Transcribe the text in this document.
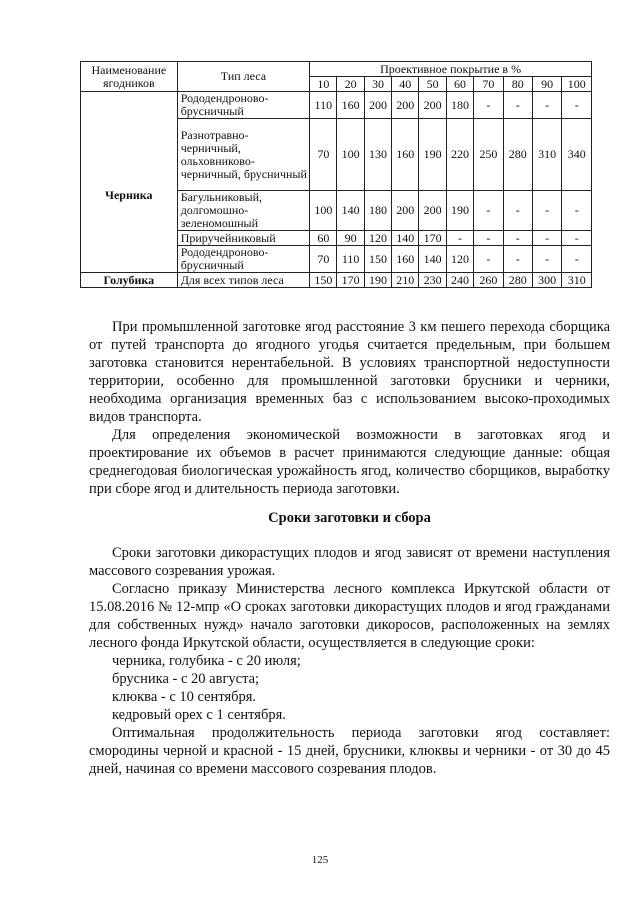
Наименование ягодников	Тип леса	Проективное покрытие в %									
		10	20	30	40	50	60	70	80	90	100
	Рододендроново-брусничный	110	160	200	200	200	180	-	-	-	-
Черника	Разнотравно-черничный, ольховниково-черничный, брусничный	70	100	130	160	190	220	250	280	310	340
	Багульниковый, долгомошно-зеленомошный	100	140	180	200	200	190	-	-	-	-
	Приручейниковый	60	90	120	140	170	-	-	-	-	-
	Рододендроново-брусничный	70	110	150	160	140	120	-	-	-	-
Голубика	Для всех типов леса	150	170	190	210	230	240	260	280	300	310

При промышленной заготовке ягод расстояние 3 км пешего перехода сборщика от путей транспорта до ягодного угодья считается предельным, при большем заготовка становится нерентабельной. В условиях транспортной недоступности территории, особенно для промышленной заготовки брусники и черники, необходима организация временных баз с использованием высоко-проходимых видов транспорта.

Для определения экономической возможности в заготовках ягод и проектирование их объемов в расчет принимаются следующие данные: общая среднегодовая биологическая урожайность ягод, количество сборщиков, выработку при сборе ягод и длительность периода заготовки.

Сроки заготовки и сбора

Сроки заготовки дикорастущих плодов и ягод зависят от времени наступления массового созревания урожая.

Согласно приказу Министерства лесного комплекса Иркутской области от 15.08.2016 № 12-мпр «О сроках заготовки дикорастущих плодов и ягод гражданами для собственных нужд» начало заготовки дикоросов, расположенных на землях лесного фонда Иркутской области, осуществляется в следующие сроки:

черника, голубика - с 20 июля;
брусника - с 20 августа;
клюква - с 10 сентября.
кедровый орех с 1 сентября.

Оптимальная продолжительность периода заготовки ягод составляет: смородины черной и красной - 15 дней, брусники, клюквы и черники - от 30 до 45 дней, начиная со времени массового созревания плодов.

125
